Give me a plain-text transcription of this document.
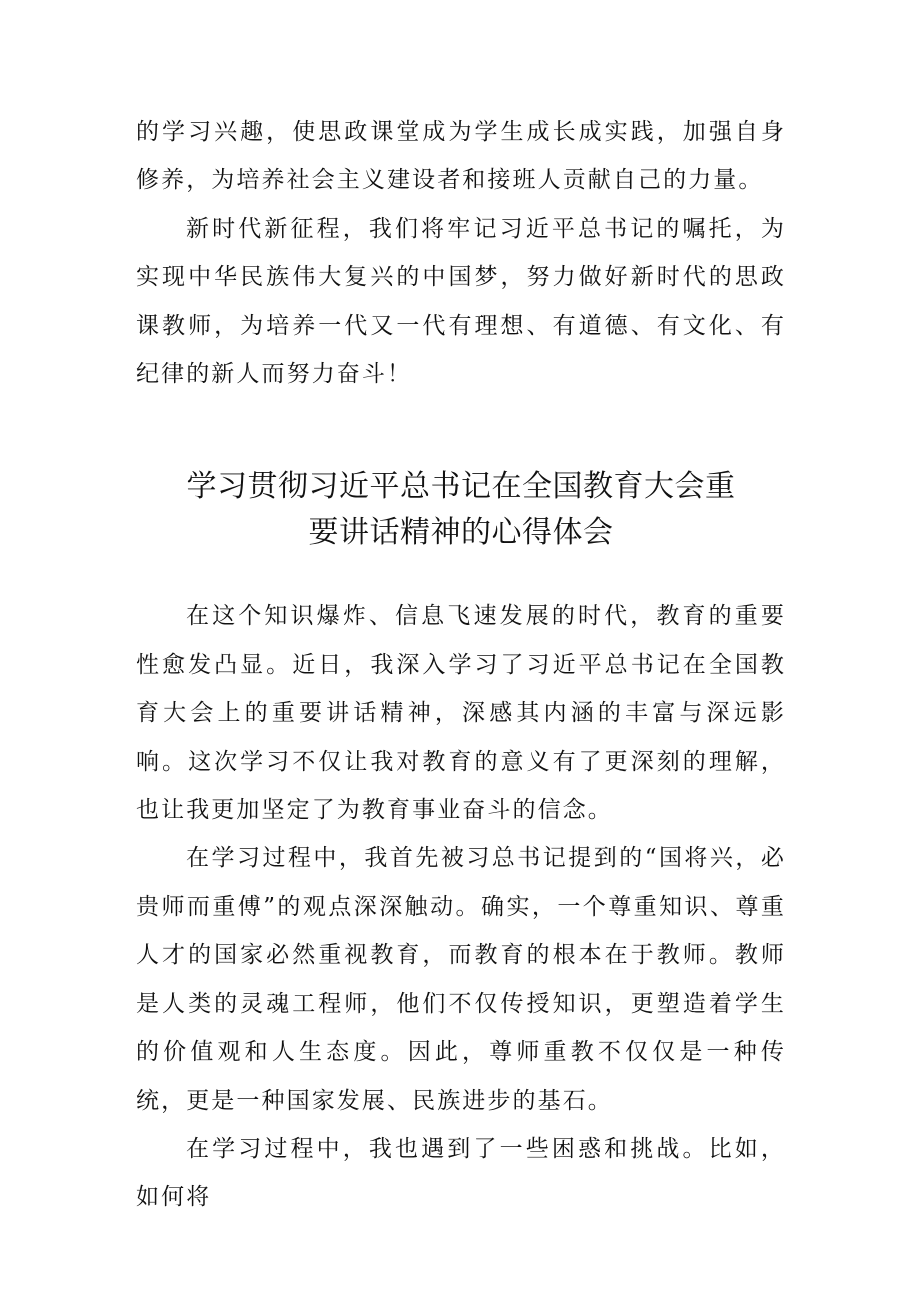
的学习兴趣，使思政课堂成为学生成长成实践，加强自身修养，为培养社会主义建设者和接班人贡献自己的力量。

新时代新征程，我们将牢记习近平总书记的嘱托，为实现中华民族伟大复兴的中国梦，努力做好新时代的思政课教师，为培养一代又一代有理想、有道德、有文化、有纪律的新人而努力奋斗！

学习贯彻习近平总书记在全国教育大会重
要讲话精神的心得体会

在这个知识爆炸、信息飞速发展的时代，教育的重要性愈发凸显。近日，我深入学习了习近平总书记在全国教育大会上的重要讲话精神，深感其内涵的丰富与深远影响。这次学习不仅让我对教育的意义有了更深刻的理解，也让我更加坚定了为教育事业奋斗的信念。

在学习过程中，我首先被习总书记提到的“国将兴，必贵师而重傅”的观点深深触动。确实，一个尊重知识、尊重人才的国家必然重视教育，而教育的根本在于教师。教师是人类的灵魂工程师，他们不仅传授知识，更塑造着学生的价值观和人生态度。因此，尊师重教不仅仅是一种传统，更是一种国家发展、民族进步的基石。

在学习过程中，我也遇到了一些困惑和挑战。比如，如何将
